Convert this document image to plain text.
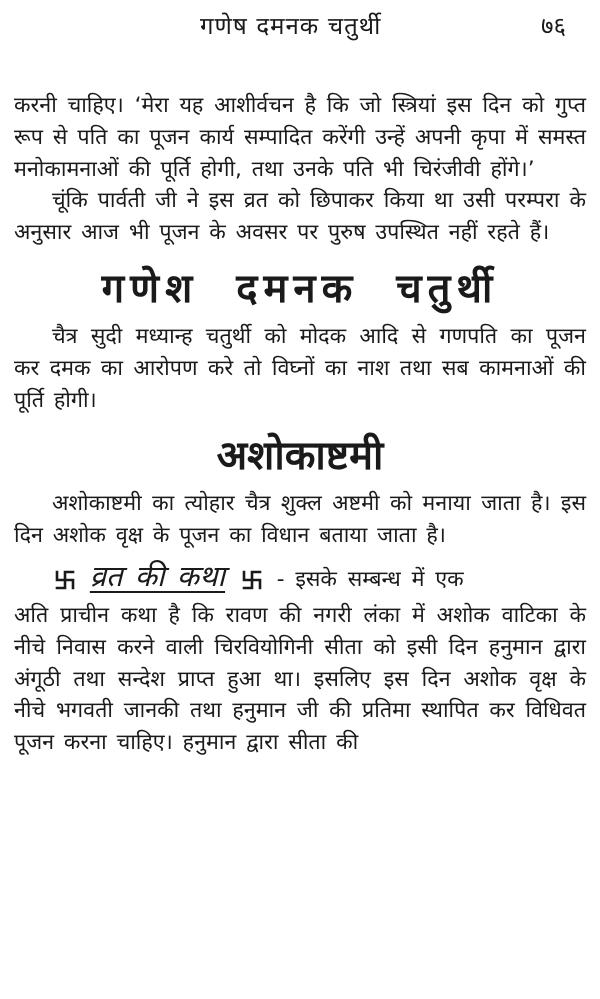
गणेष दमनक चतुर्थी	७६

करनी चाहिए। ‘मेरा यह आशीर्वचन है कि जो स्त्रियां इस दिन को गुप्त रूप से पति का पूजन कार्य सम्पादित करेंगी उन्हें अपनी कृपा में समस्त मनोकामनाओं की पूर्ति होगी, तथा उनके पति भी चिरंजीवी होंगे।’

चूंकि पार्वती जी ने इस व्रत को छिपाकर किया था उसी परम्परा के अनुसार आज भी पूजन के अवसर पर पुरुष उपस्थित नहीं रहते हैं।

गणेश दमनक चतुर्थी

चैत्र सुदी मध्यान्ह चतुर्थी को मोदक आदि से गणपति का पूजन कर दमक का आरोपण करे तो विघ्नों का नाश तथा सब कामनाओं की पूर्ति होगी।

अशोकाष्टमी

अशोकाष्टमी का त्योहार चैत्र शुक्ल अष्टमी को मनाया जाता है। इस दिन अशोक वृक्ष के पूजन का विधान बताया जाता है।

व्रत की कथा - इसके सम्बन्ध में एक

अति प्राचीन कथा है कि रावण की नगरी लंका में अशोक वाटिका के नीचे निवास करने वाली चिरवियोगिनी सीता को इसी दिन हनुमान द्वारा अंगूठी तथा सन्देश प्राप्त हुआ था। इसलिए इस दिन अशोक वृक्ष के नीचे भगवती जानकी तथा हनुमान जी की प्रतिमा स्थापित कर विधिवत पूजन करना चाहिए। हनुमान द्वारा सीता की
